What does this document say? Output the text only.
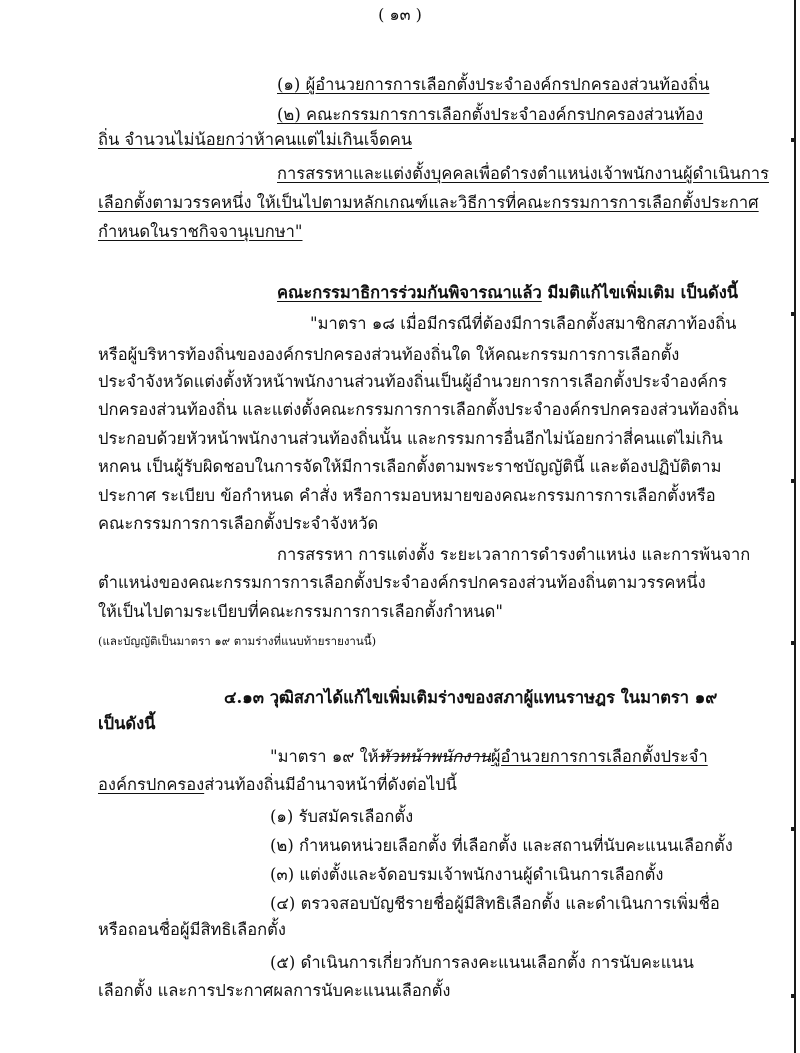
( ๑๓ )
(๑) ผู้อำนวยการการเลือกตั้งประจำองค์กรปกครองส่วนท้องถิ่น
(๒) คณะกรรมการการเลือกตั้งประจำองค์กรปกครองส่วนท้อง
ถิ่น จำนวนไม่น้อยกว่าห้าคนแต่ไม่เกินเจ็ดคน
การสรรหาและแต่งตั้งบุคคลเพื่อดำรงตำแหน่งเจ้าพนักงานผู้ดำเนินการ
เลือกตั้งตามวรรคหนึ่ง ให้เป็นไปตามหลักเกณฑ์และวิธีการที่คณะกรรมการการเลือกตั้งประกาศ
กำหนดในราชกิจจานุเบกษา"
คณะกรรมาธิการร่วมกันพิจารณาแล้ว มีมติแก้ไขเพิ่มเติม เป็นดังนี้
"มาตรา ๑๘ เมื่อมีกรณีที่ต้องมีการเลือกตั้งสมาชิกสภาท้องถิ่น
หรือผู้บริหารท้องถิ่นขององค์กรปกครองส่วนท้องถิ่นใด ให้คณะกรรมการการเลือกตั้ง
ประจำจังหวัดแต่งตั้งหัวหน้าพนักงานส่วนท้องถิ่นเป็นผู้อำนวยการการเลือกตั้งประจำองค์กร
ปกครองส่วนท้องถิ่น และแต่งตั้งคณะกรรมการการเลือกตั้งประจำองค์กรปกครองส่วนท้องถิ่น
ประกอบด้วยหัวหน้าพนักงานส่วนท้องถิ่นนั้น และกรรมการอื่นอีกไม่น้อยกว่าสี่คนแต่ไม่เกิน
หกคน เป็นผู้รับผิดชอบในการจัดให้มีการเลือกตั้งตามพระราชบัญญัตินี้ และต้องปฏิบัติตาม
ประกาศ ระเบียบ ข้อกำหนด คำสั่ง หรือการมอบหมายของคณะกรรมการการเลือกตั้งหรือ
คณะกรรมการการเลือกตั้งประจำจังหวัด
การสรรหา การแต่งตั้ง ระยะเวลาการดำรงตำแหน่ง และการพ้นจาก
ตำแหน่งของคณะกรรมการการเลือกตั้งประจำองค์กรปกครองส่วนท้องถิ่นตามวรรคหนึ่ง
ให้เป็นไปตามระเบียบที่คณะกรรมการการเลือกตั้งกำหนด"
(และบัญญัติเป็นมาตรา ๑๙ ตามร่างที่แนบท้ายรายงานนี้)
๔.๑๓ วุฒิสภาได้แก้ไขเพิ่มเติมร่างของสภาผู้แทนราษฎร ในมาตรา ๑๙
เป็นดังนี้
"มาตรา ๑๙ ให้หัวหน้าพนักงานผู้อำนวยการการเลือกตั้งประจำ
องค์กรปกครองส่วนท้องถิ่นมีอำนาจหน้าที่ดังต่อไปนี้
(๑) รับสมัครเลือกตั้ง
(๒) กำหนดหน่วยเลือกตั้ง ที่เลือกตั้ง และสถานที่นับคะแนนเลือกตั้ง
(๓) แต่งตั้งและจัดอบรมเจ้าพนักงานผู้ดำเนินการเลือกตั้ง
(๔) ตรวจสอบบัญชีรายชื่อผู้มีสิทธิเลือกตั้ง และดำเนินการเพิ่มชื่อ
หรือถอนชื่อผู้มีสิทธิเลือกตั้ง
(๕) ดำเนินการเกี่ยวกับการลงคะแนนเลือกตั้ง การนับคะแนน
เลือกตั้ง และการประกาศผลการนับคะแนนเลือกตั้ง
